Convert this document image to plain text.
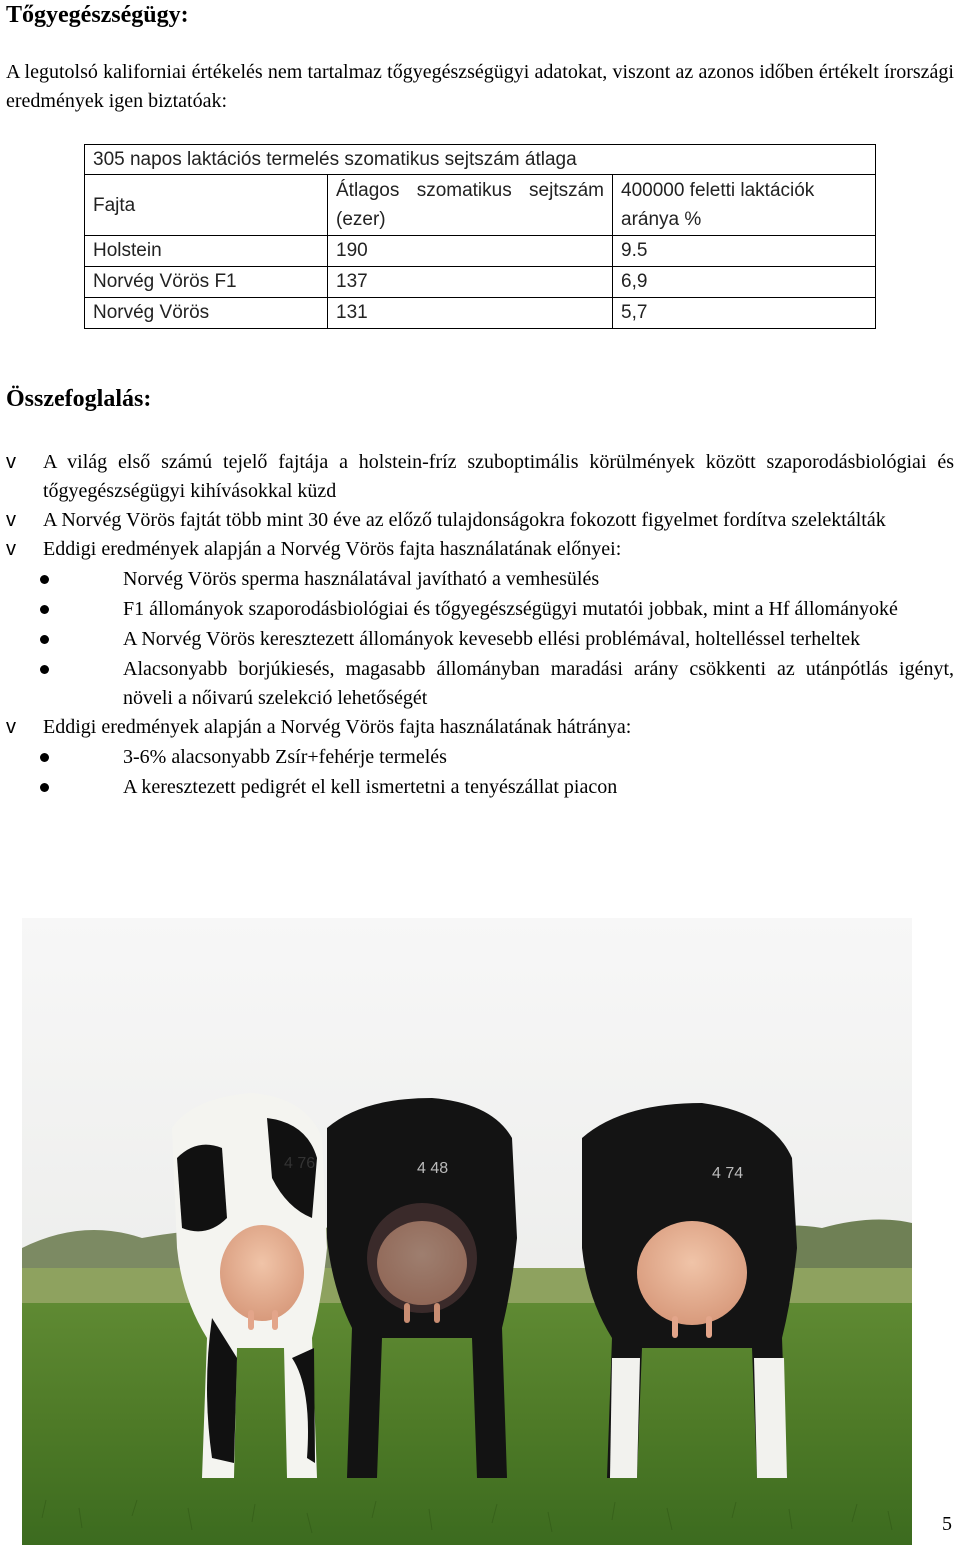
Tőgyegészségügy:

A legutolsó kaliforniai értékelés nem tartalmaz tőgyegészségügyi adatokat, viszont az azonos időben értékelt írországi eredmények igen biztatóak:

305 napos laktációs termelés szomatikus sejtszám átlaga		
Fajta	Átlagos szomatikus sejtszám (ezer)	400000 feletti laktációk aránya %
Holstein	190	9.5
Norvég Vörös F1	137	6,9
Norvég Vörös	131	5,7
Összefoglalás:
v A világ első számú tejelő fajtája a holstein-fríz szuboptimális körülmények között szaporodásbiológiai és tőgyegészségügyi kihívásokkal küzd
v A Norvég Vörös fajtát több mint 30 éve az előző tulajdonságokra fokozott figyelmet fordítva szelektálták
v Eddigi eredmények alapján a Norvég Vörös fajta használatának előnyei:
Norvég Vörös sperma használatával javítható a vemhesülés
F1 állományok szaporodásbiológiai és tőgyegészségügyi mutatói jobbak, mint a Hf állományoké
A Norvég Vörös keresztezett állományok kevesebb ellési problémával, holtelléssel terheltek
Alacsonyabb borjúkiesés, magasabb állományban maradási arány csökkenti az utánpótlás igényt, növeli a nőivarú szelekció lehetőségét
v Eddigi eredmények alapján a Norvég Vörös fajta használatának hátránya:
3-6% alacsonyabb Zsír+fehérje termelés
A keresztezett pedigrét el kell ismertetni a tenyészállat piacon
4 76	4 48	4 74
5
